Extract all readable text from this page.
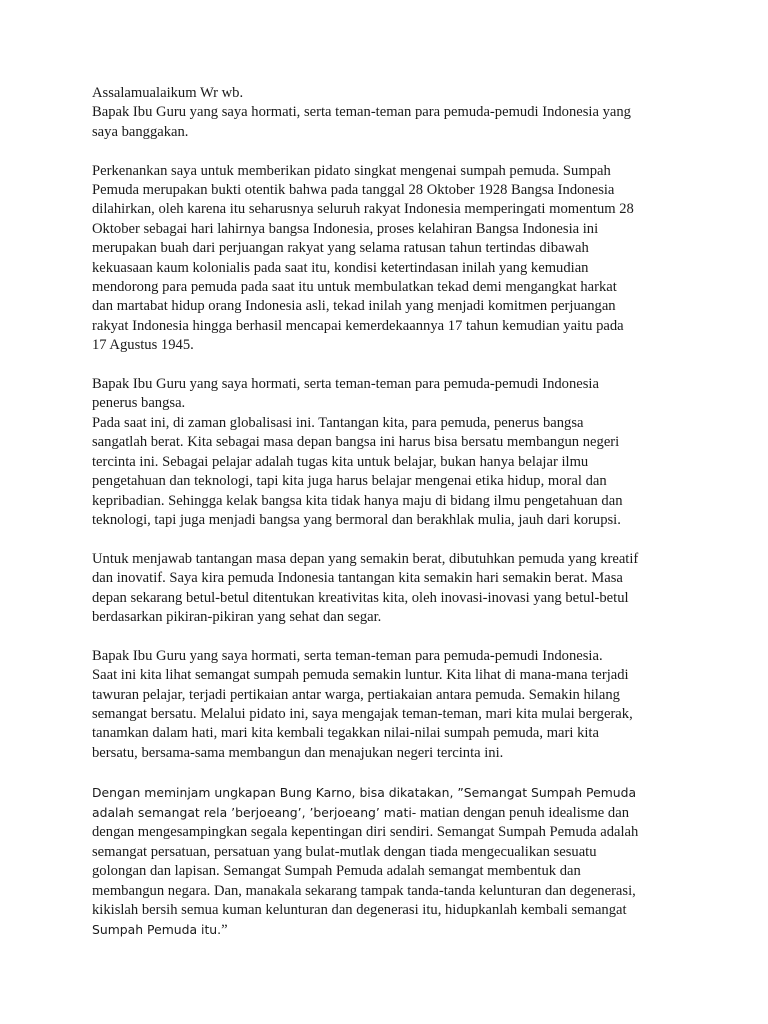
Assalamualaikum Wr wb.
Bapak Ibu Guru yang saya hormati, serta teman-teman para pemuda-pemudi Indonesia yang
saya banggakan.
Perkenankan saya untuk memberikan pidato singkat mengenai sumpah pemuda. Sumpah
Pemuda merupakan bukti otentik bahwa pada tanggal 28 Oktober 1928 Bangsa Indonesia
dilahirkan, oleh karena itu seharusnya seluruh rakyat Indonesia memperingati momentum 28
Oktober sebagai hari lahirnya bangsa Indonesia, proses kelahiran Bangsa Indonesia ini
merupakan buah dari perjuangan rakyat yang selama ratusan tahun tertindas dibawah
kekuasaan kaum kolonialis pada saat itu, kondisi ketertindasan inilah yang kemudian
mendorong para pemuda pada saat itu untuk membulatkan tekad demi mengangkat harkat
dan martabat hidup orang Indonesia asli, tekad inilah yang menjadi komitmen perjuangan
rakyat Indonesia hingga berhasil mencapai kemerdekaannya 17 tahun kemudian yaitu pada
17 Agustus 1945.
Bapak Ibu Guru yang saya hormati, serta teman-teman para pemuda-pemudi Indonesia
penerus bangsa.
Pada saat ini, di zaman globalisasi ini. Tantangan kita, para pemuda, penerus bangsa
sangatlah berat. Kita sebagai masa depan bangsa ini harus bisa bersatu membangun negeri
tercinta ini. Sebagai pelajar adalah tugas kita untuk belajar, bukan hanya belajar ilmu
pengetahuan dan teknologi, tapi kita juga harus belajar mengenai etika hidup, moral dan
kepribadian. Sehingga kelak bangsa kita tidak hanya maju di bidang ilmu pengetahuan dan
teknologi, tapi juga menjadi bangsa yang bermoral dan berakhlak mulia, jauh dari korupsi.
Untuk menjawab tantangan masa depan yang semakin berat, dibutuhkan pemuda yang kreatif
dan inovatif. Saya kira pemuda Indonesia tantangan kita semakin hari semakin berat. Masa
depan sekarang betul-betul ditentukan kreativitas kita, oleh inovasi-inovasi yang betul-betul
berdasarkan pikiran-pikiran yang sehat dan segar.
Bapak Ibu Guru yang saya hormati, serta teman-teman para pemuda-pemudi Indonesia.
Saat ini kita lihat semangat sumpah pemuda semakin luntur. Kita lihat di mana-mana terjadi
tawuran pelajar, terjadi pertikaian antar warga, pertiakaian antara pemuda. Semakin hilang
semangat bersatu. Melalui pidato ini, saya mengajak teman-teman, mari kita mulai bergerak,
tanamkan dalam hati, mari kita kembali tegakkan nilai-nilai sumpah pemuda, mari kita
bersatu, bersama-sama membangun dan menajukan negeri tercinta ini.
Dengan meminjam ungkapan Bung Karno, bisa dikatakan, ”Semangat Sumpah Pemuda
adalah semangat rela ’berjoeang’, ’berjoeang’ mati- matian dengan penuh idealisme dan
dengan mengesampingkan segala kepentingan diri sendiri. Semangat Sumpah Pemuda adalah
semangat persatuan, persatuan yang bulat-mutlak dengan tiada mengecualikan sesuatu
golongan dan lapisan. Semangat Sumpah Pemuda adalah semangat membentuk dan
membangun negara. Dan, manakala sekarang tampak tanda-tanda kelunturan dan degenerasi,
kikislah bersih semua kuman kelunturan dan degenerasi itu, hidupkanlah kembali semangat
Sumpah Pemuda itu.”
